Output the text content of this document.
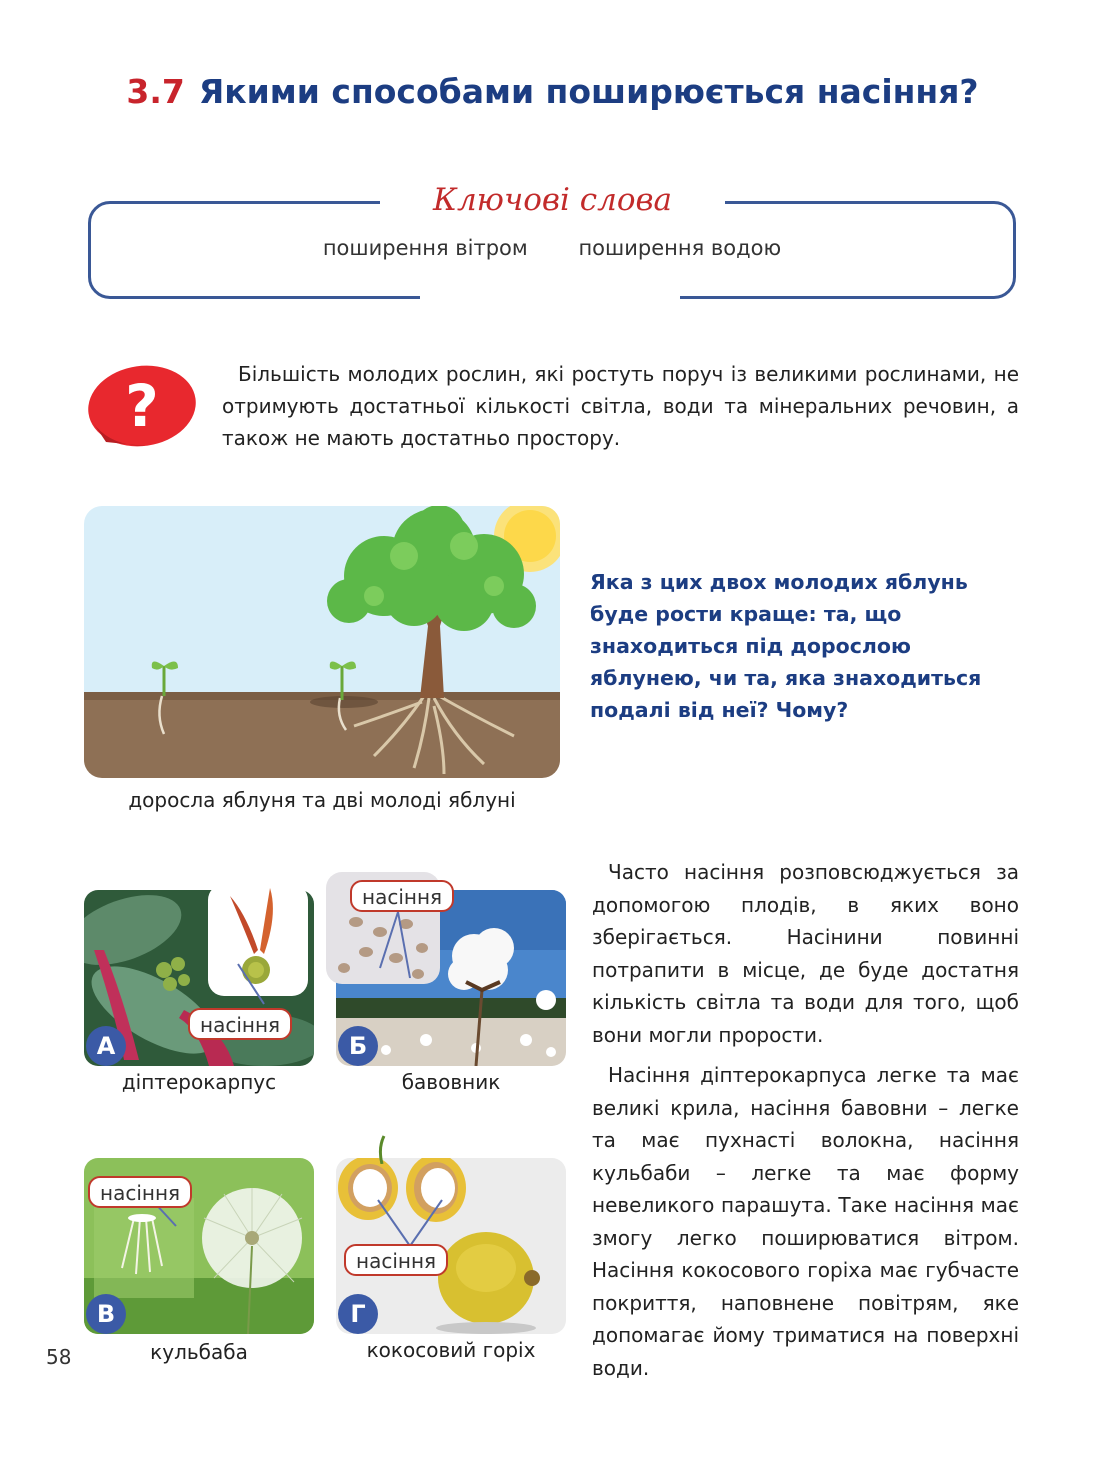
3.7 Якими способами поширюється насіння?
Ключові слова
поширення вітром поширення водою
?	Більшість молодих рослин, які ростуть поруч із великими рослинами, не отримують достатньої кількості світла, води та мінеральних речовин, а також не мають достатньо простору.
доросла яблуня та дві молоді яблуні
Яка з цих двох молодих яблунь буде рости краще: та, що знаходиться під дорослою яблунею, чи та, яка знаходиться подалі від неї? Чому?
насіння
А
діптерокарпус
насіння
Б
бавовник
насіння
В
кульбаба
насіння
Г
кокосовий горіх

Часто насіння розповсюджується за допомогою плодів, в яких воно зберігається. Насінини повинні потрапити в місце, де буде достатня кількість світла та води для того, щоб вони могли прорости.

Насіння діптерокарпуса легке та має великі крила, насіння бавовни – легке та має пухнасті волокна, насіння кульбаби – легке та має форму невеликого парашута. Таке насіння має змогу легко поширюватися вітром. Насіння кокосового горіха має губчасте покриття, наповнене повітрям, яке допомагає йому триматися на поверхні води.

58
